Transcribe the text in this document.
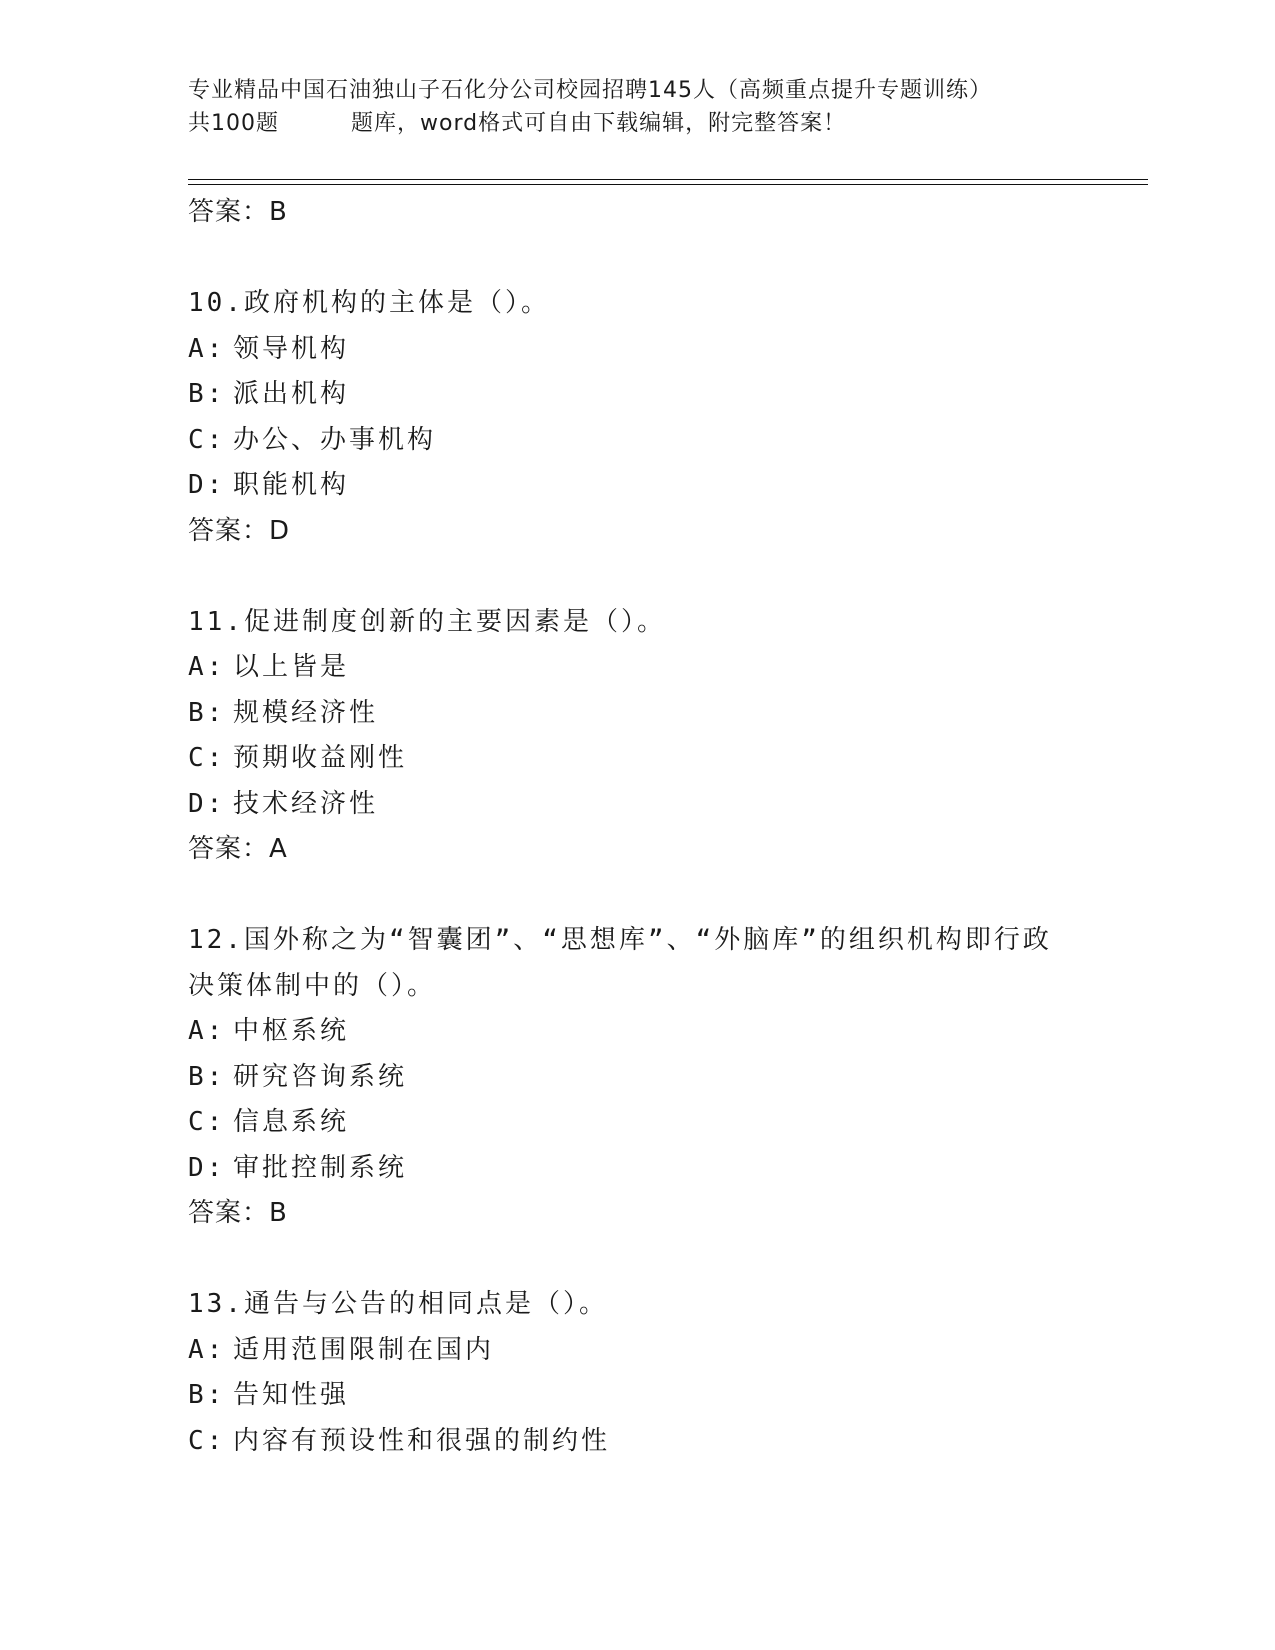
专业精品中国石油独山子石化分公司校园招聘145人（高频重点提升专题训练）
共100题	题库，word格式可自由下载编辑，附完整答案！
答案：B
10.政府机构的主体是（）。
A: 领导机构
B: 派出机构
C: 办公、办事机构
D: 职能机构
答案：D
11.促进制度创新的主要因素是（）。
A: 以上皆是
B: 规模经济性
C: 预期收益刚性
D: 技术经济性
答案：A
12.国外称之为“智囊团”、“思想库”、“外脑库”的组织机构即行政决策体制中的（）。
A: 中枢系统
B: 研究咨询系统
C: 信息系统
D: 审批控制系统
答案：B
13.通告与公告的相同点是（）。
A: 适用范围限制在国内
B: 告知性强
C: 内容有预设性和很强的制约性
